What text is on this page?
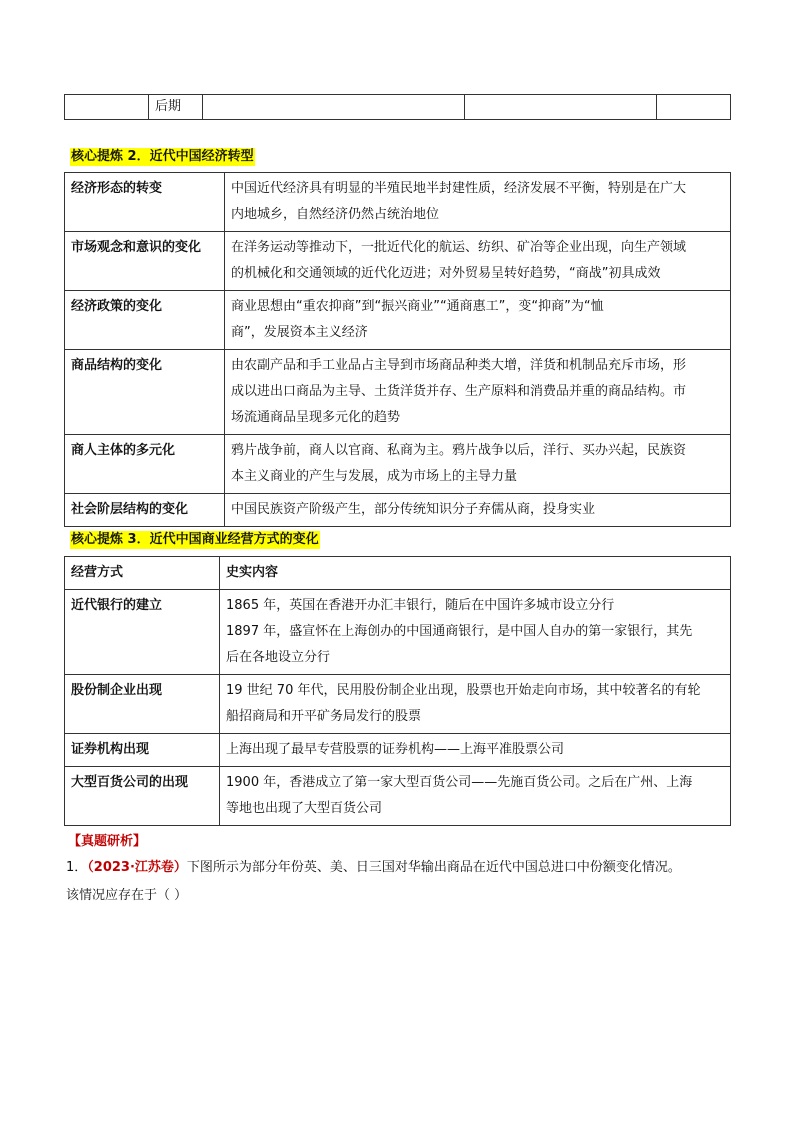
	后期			
核心提炼 2．近代中国经济转型
经济形态的转变	中国近代经济具有明显的半殖民地半封建性质，经济发展不平衡，特别是在广大
内地城乡，自然经济仍然占统治地位

市场观念和意识的变化	在洋务运动等推动下，一批近代化的航运、纺织、矿冶等企业出现，向生产领域
的机械化和交通领域的近代化迈进；对外贸易呈转好趋势，“商战”初具成效

经济政策的变化	商业思想由“重农抑商”到“振兴商业”“通商惠工”，变“抑商”为“恤
商”，发展资本主义经济

商品结构的变化	由农副产品和手工业品占主导到市场商品种类大增，洋货和机制品充斥市场，形
成以进出口商品为主导、土货洋货并存、生产原料和消费品并重的商品结构。市
场流通商品呈现多元化的趋势

商人主体的多元化	鸦片战争前，商人以官商、私商为主。鸦片战争以后，洋行、买办兴起，民族资
本主义商业的产生与发展，成为市场上的主导力量

社会阶层结构的变化	中国民族资产阶级产生，部分传统知识分子弃儒从商，投身实业
核心提炼 3．近代中国商业经营方式的变化
经营方式	史实内容
近代银行的建立	1865 年，英国在香港开办汇丰银行，随后在中国许多城市设立分行
1897 年，盛宣怀在上海创办的中国通商银行，是中国人自办的第一家银行，其先
后在各地设立分行

股份制企业出现	19 世纪 70 年代，民用股份制企业出现，股票也开始走向市场，其中较著名的有轮
船招商局和开平矿务局发行的股票

证券机构出现	上海出现了最早专营股票的证券机构——上海平准股票公司

大型百货公司的出现	1900 年，香港成立了第一家大型百货公司——先施百货公司。之后在广州、上海
等地也出现了大型百货公司
【真题研析】
1．（2023·江苏卷）下图所示为部分年份英、美、日三国对华输出商品在近代中国总进口中份额变化情况。
该情况应存在于（ ）
